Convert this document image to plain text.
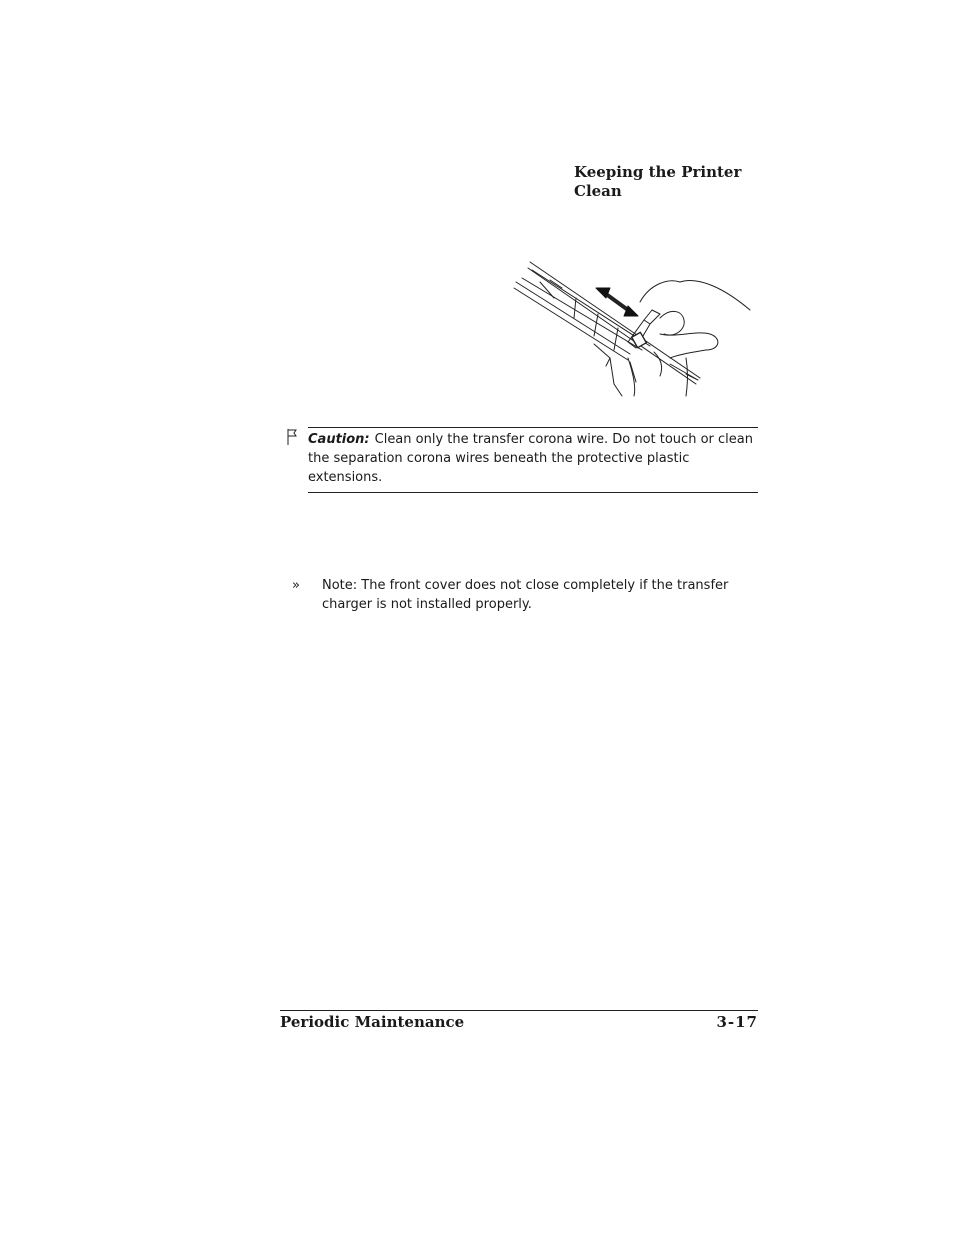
Keeping the Printer
Clean
Caution: Clean only the transfer corona wire. Do not touch or clean the separation corona wires beneath the protective plastic extensions.
» Note: The front cover does not close completely if the transfer charger is not installed properly.
Periodic Maintenance	3-17
